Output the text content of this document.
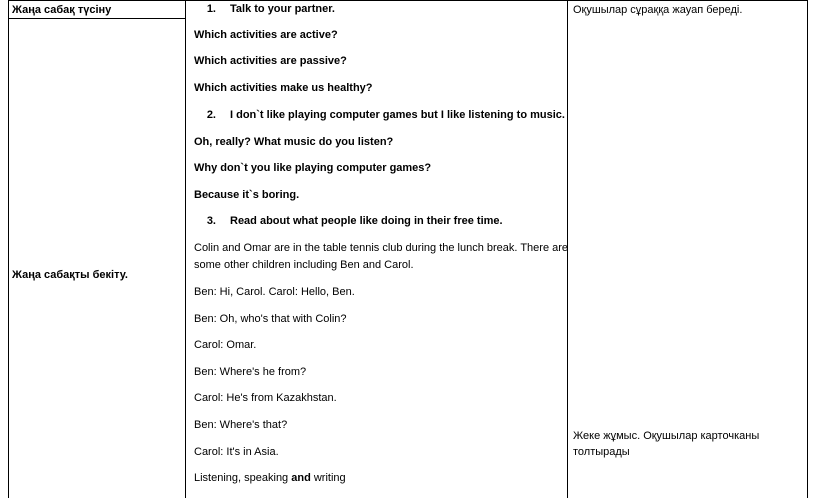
Жаңа сабақ түсіну
Жаңа сабақты бекіту.
1. Talk to your partner.
Which activities are active?
Which activities are passive?
Which activities make us healthy?
2. I don`t like playing computer games but I like listening to music.
Oh, really? What music do you listen?
Why don`t you like playing computer games?
Because it`s boring.
3. Read about what people like doing in their free time.
Colin and Omar are in the table tennis club during the lunch break. There are
some other children including Ben and Carol.
Ben: Hi, Carol. Carol: Hello, Ben.
Ben: Oh, who's that with Colin?
Carol: Omar.
Ben: Where's he from?
Carol: He's from Kazakhstan.
Ben: Where's that?
Carol: It's in Asia.
Listening, speaking and writing
Оқушылар сұраққа жауап береді.
Жеке жұмыс. Оқушылар карточканы
толтырады
